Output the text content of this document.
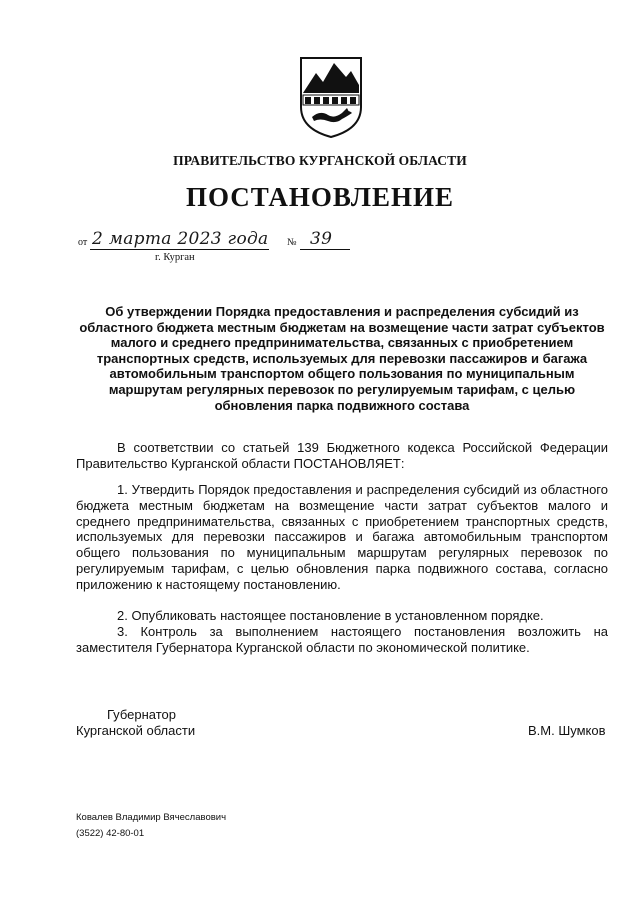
ПРАВИТЕЛЬСТВО КУРГАНСКОЙ ОБЛАСТИ
ПОСТАНОВЛЕНИЕ
от 2 марта 2023 года № 39
г. Курган
Об утверждении Порядка предоставления и распределения субсидий из областного бюджета местным бюджетам на возмещение части затрат субъектов малого и среднего предпринимательства, связанных с приобретением транспортных средств, используемых для перевозки пассажиров и багажа автомобильным транспортом общего пользования по муниципальным маршрутам регулярных перевозок по регулируемым тарифам, с целью обновления парка подвижного состава

В соответствии со статьей 139 Бюджетного кодекса Российской Федерации Правительство Курганской области ПОСТАНОВЛЯЕТ:

1. Утвердить Порядок предоставления и распределения субсидий из областного бюджета местным бюджетам на возмещение части затрат субъектов малого и среднего предпринимательства, связанных с приобретением транспортных средств, используемых для перевозки пассажиров и багажа автомобильным транспортом общего пользования по муниципальным маршрутам регулярных перевозок по регулируемым тарифам, с целью обновления парка подвижного состава, согласно приложению к настоящему постановлению.

2. Опубликовать настоящее постановление в установленном порядке.

3. Контроль за выполнением настоящего постановления возложить на заместителя Губернатора Курганской области по экономической политике.

Губернатор
Курганской области	В.М. Шумков
Ковалев Владимир Вячеславович
(3522) 42-80-01
